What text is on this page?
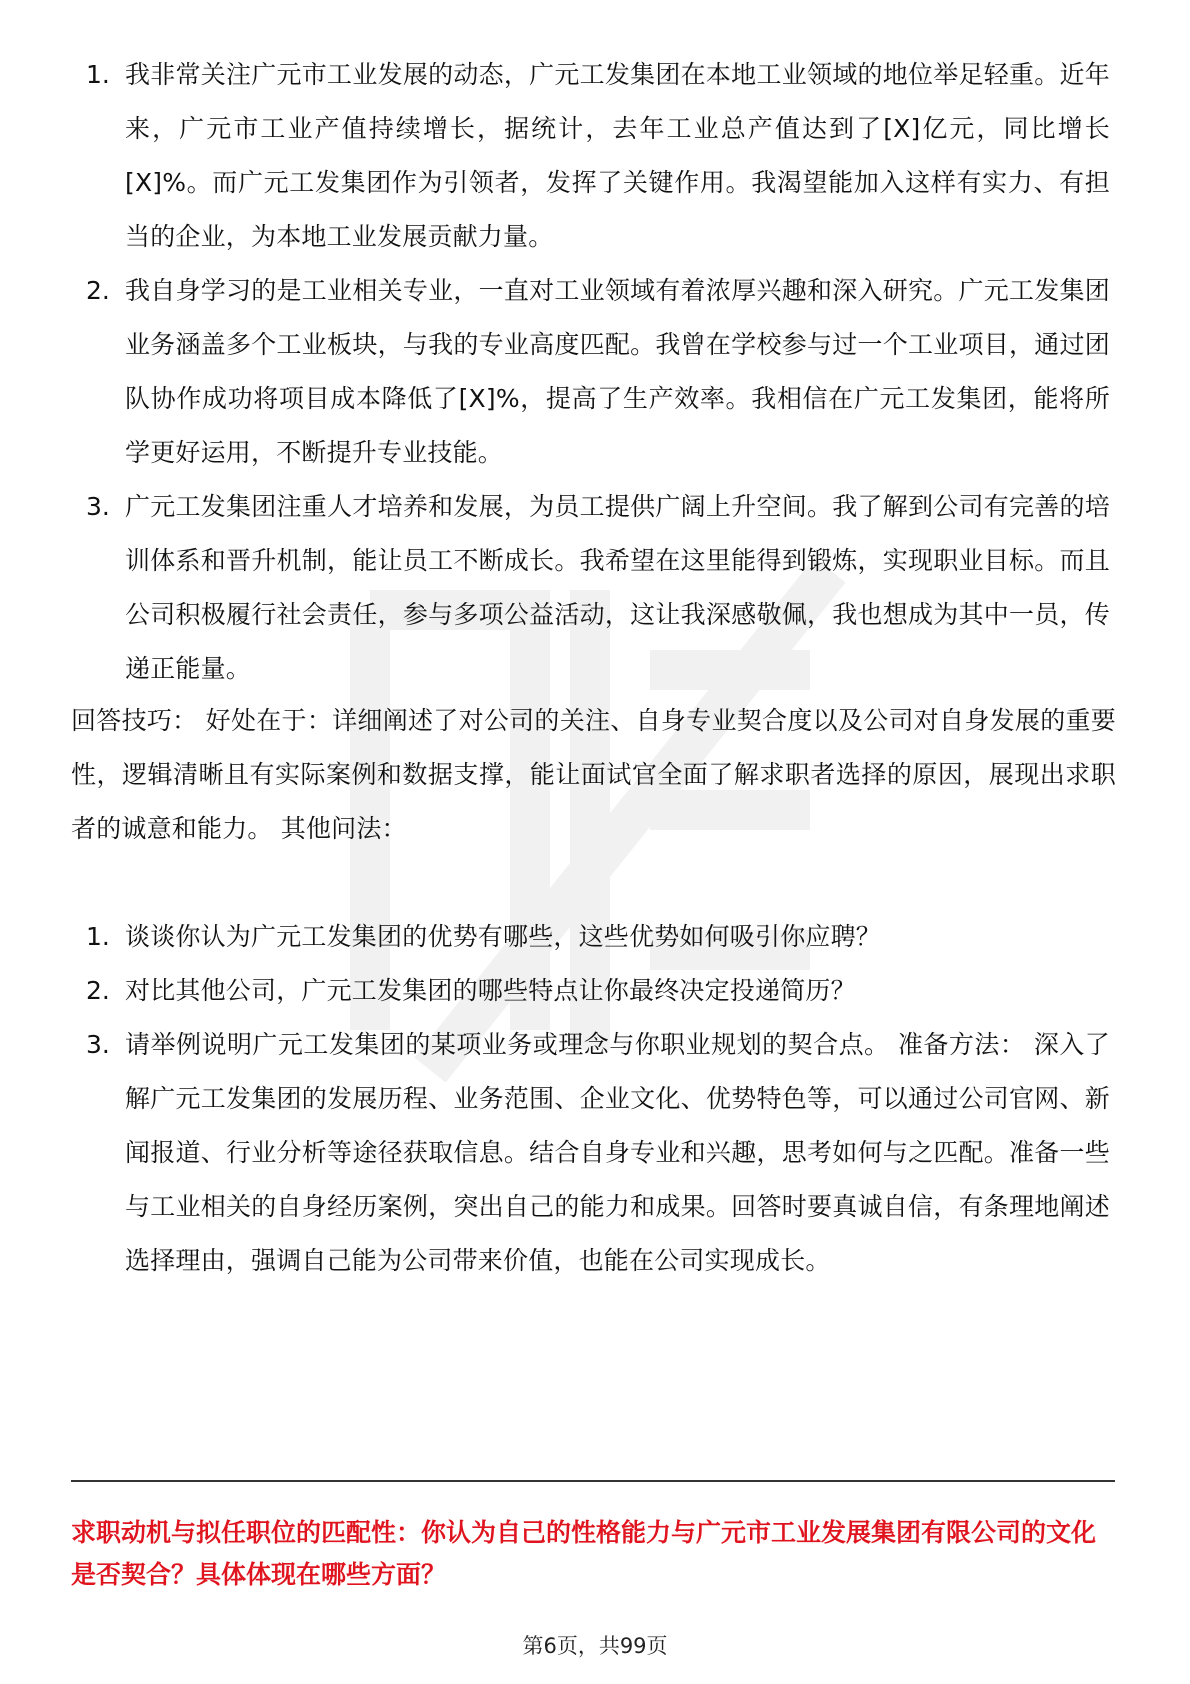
1. 我非常关注广元市工业发展的动态，广元工发集团在本地工业领域的地位举足轻重。近年来，广元市工业产值持续增长，据统计，去年工业总产值达到了[X]亿元，同比增长[X]%。而广元工发集团作为引领者，发挥了关键作用。我渴望能加入这样有实力、有担当的企业，为本地工业发展贡献力量。
2. 我自身学习的是工业相关专业，一直对工业领域有着浓厚兴趣和深入研究。广元工发集团业务涵盖多个工业板块，与我的专业高度匹配。我曾在学校参与过一个工业项目，通过团队协作成功将项目成本降低了[X]%，提高了生产效率。我相信在广元工发集团，能将所学更好运用，不断提升专业技能。
3. 广元工发集团注重人才培养和发展，为员工提供广阔上升空间。我了解到公司有完善的培训体系和晋升机制，能让员工不断成长。我希望在这里能得到锻炼，实现职业目标。而且公司积极履行社会责任，参与多项公益活动，这让我深感敬佩，我也想成为其中一员，传递正能量。
回答技巧： 好处在于：详细阐述了对公司的关注、自身专业契合度以及公司对自身发展的重要性，逻辑清晰且有实际案例和数据支撑，能让面试官全面了解求职者选择的原因，展现出求职者的诚意和能力。 其他问法：
1. 谈谈你认为广元工发集团的优势有哪些，这些优势如何吸引你应聘？
2. 对比其他公司，广元工发集团的哪些特点让你最终决定投递简历？
3. 请举例说明广元工发集团的某项业务或理念与你职业规划的契合点。 准备方法： 深入了解广元工发集团的发展历程、业务范围、企业文化、优势特色等，可以通过公司官网、新闻报道、行业分析等途径获取信息。结合自身专业和兴趣，思考如何与之匹配。准备一些与工业相关的自身经历案例，突出自己的能力和成果。回答时要真诚自信，有条理地阐述选择理由，强调自己能为公司带来价值，也能在公司实现成长。
求职动机与拟任职位的匹配性：你认为自己的性格能力与广元市工业发展集团有限公司的文化是否契合？具体体现在哪些方面？
第6页，共99页
